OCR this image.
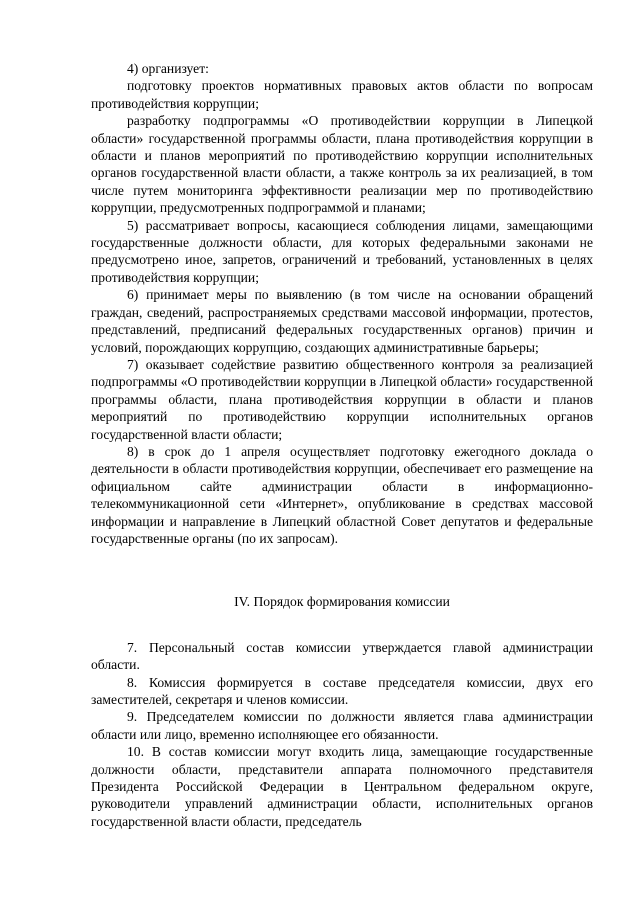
4) организует:

подготовку проектов нормативных правовых актов области по вопросам противодействия коррупции;

разработку подпрограммы «О противодействии коррупции в Липецкой области» государственной программы области, плана противодействия коррупции в области и планов мероприятий по противодействию коррупции исполнительных органов государственной власти области, а также контроль за их реализацией, в том числе путем мониторинга эффективности реализации мер по противодействию коррупции, предусмотренных подпрограммой и планами;

5) рассматривает вопросы, касающиеся соблюдения лицами, замещающими государственные должности области, для которых федеральными законами не предусмотрено иное, запретов, ограничений и требований, установленных в целях противодействия коррупции;

6) принимает меры по выявлению (в том числе на основании обращений граждан, сведений, распространяемых средствами массовой информации, протестов, представлений, предписаний федеральных государственных органов) причин и условий, порождающих коррупцию, создающих административные барьеры;

7) оказывает содействие развитию общественного контроля за реализацией подпрограммы «О противодействии коррупции в Липецкой области» государственной программы области, плана противодействия коррупции в области и планов мероприятий по противодействию коррупции исполнительных органов государственной власти области;

8) в срок до 1 апреля осуществляет подготовку ежегодного доклада о деятельности в области противодействия коррупции, обеспечивает его размещение на официальном сайте администрации области в информационно-телекоммуникационной сети «Интернет», опубликование в средствах массовой информации и направление в Липецкий областной Совет депутатов и федеральные государственные органы (по их запросам).

IV. Порядок формирования комиссии

7. Персональный состав комиссии утверждается главой администрации области.

8. Комиссия формируется в составе председателя комиссии, двух его заместителей, секретаря и членов комиссии.

9. Председателем комиссии по должности является глава администрации области или лицо, временно исполняющее его обязанности.

10. В состав комиссии могут входить лица, замещающие государственные должности области, представители аппарата полномочного представителя Президента Российской Федерации в Центральном федеральном округе, руководители управлений администрации области, исполнительных органов государственной власти области, председатель
